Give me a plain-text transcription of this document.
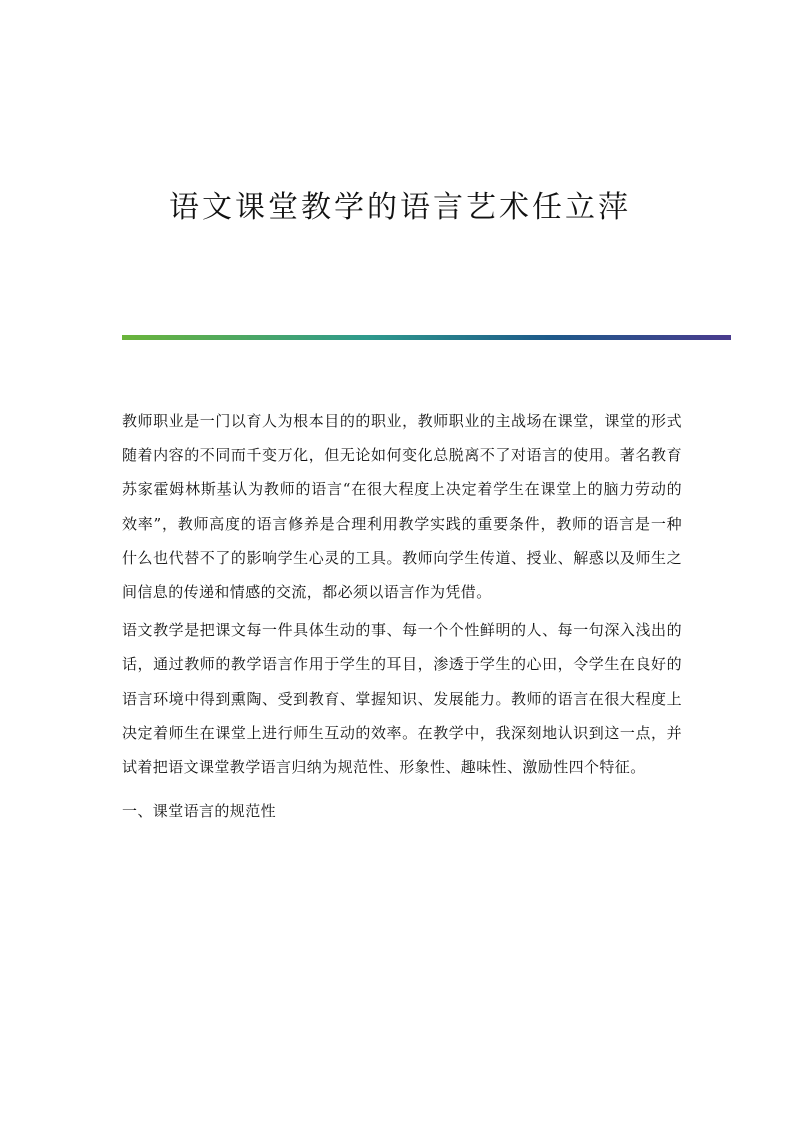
语文课堂教学的语言艺术任立萍

教师职业是一门以育人为根本目的的职业，教师职业的主战场在课堂，课堂的形式随着内容的不同而千变万化，但无论如何变化总脱离不了对语言的使用。著名教育苏家霍姆林斯基认为教师的语言“在很大程度上决定着学生在课堂上的脑力劳动的效率”，教师高度的语言修养是合理利用教学实践的重要条件，教师的语言是一种什么也代替不了的影响学生心灵的工具。教师向学生传道、授业、解惑以及师生之间信息的传递和情感的交流，都必须以语言作为凭借。

语文教学是把课文每一件具体生动的事、每一个个性鲜明的人、每一句深入浅出的话，通过教师的教学语言作用于学生的耳目，渗透于学生的心田，令学生在良好的语言环境中得到熏陶、受到教育、掌握知识、发展能力。教师的语言在很大程度上决定着师生在课堂上进行师生互动的效率。在教学中，我深刻地认识到这一点，并试着把语文课堂教学语言归纳为规范性、形象性、趣味性、激励性四个特征。

一、课堂语言的规范性
